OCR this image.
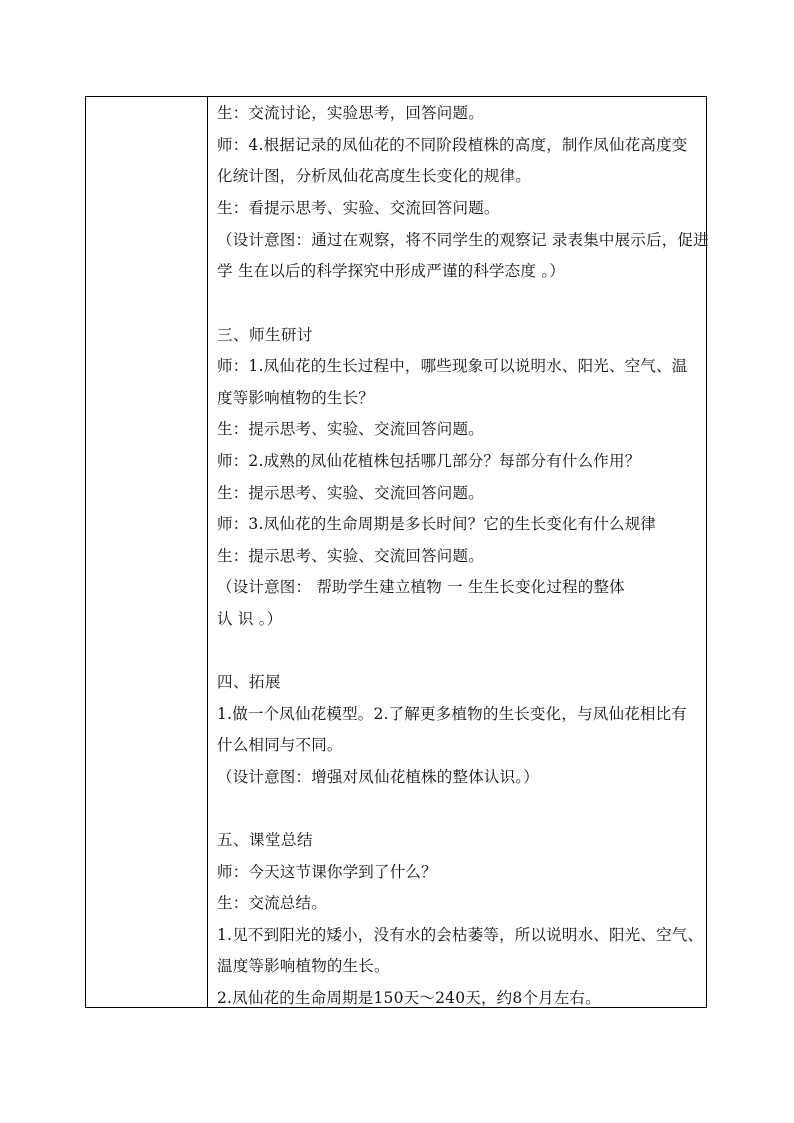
生：交流讨论，实验思考，回答问题。
师：4.根据记录的凤仙花的不同阶段植株的高度，制作凤仙花高度变
化统计图，分析凤仙花高度生长变化的规律。
生：看提示思考、实验、交流回答问题。
（设计意图：通过在观察，将不同学生的观察记 录表集中展示后，促进
学 生在以后的科学探究中形成严谨的科学态度 。）
三、师生研讨
师：1.凤仙花的生长过程中，哪些现象可以说明水、阳光、空气、温
度等影响植物的生长？
生：提示思考、实验、交流回答问题。
师：2.成熟的凤仙花植株包括哪几部分？每部分有什么作用？
生：提示思考、实验、交流回答问题。
师：3.凤仙花的生命周期是多长时间？它的生长变化有什么规律
生：提示思考、实验、交流回答问题。
（设计意图： 帮助学生建立植物 一 生生长变化过程的整体
认 识 。）
四、拓展
1.做一个凤仙花模型。2.了解更多植物的生长变化，与凤仙花相比有
什么相同与不同。
（设计意图：增强对凤仙花植株的整体认识。）
五、课堂总结
师：今天这节课你学到了什么？
生：交流总结。
1.见不到阳光的矮小，没有水的会枯萎等，所以说明水、阳光、空气、
温度等影响植物的生长。
2.凤仙花的生命周期是150天～240天，约8个月左右。
